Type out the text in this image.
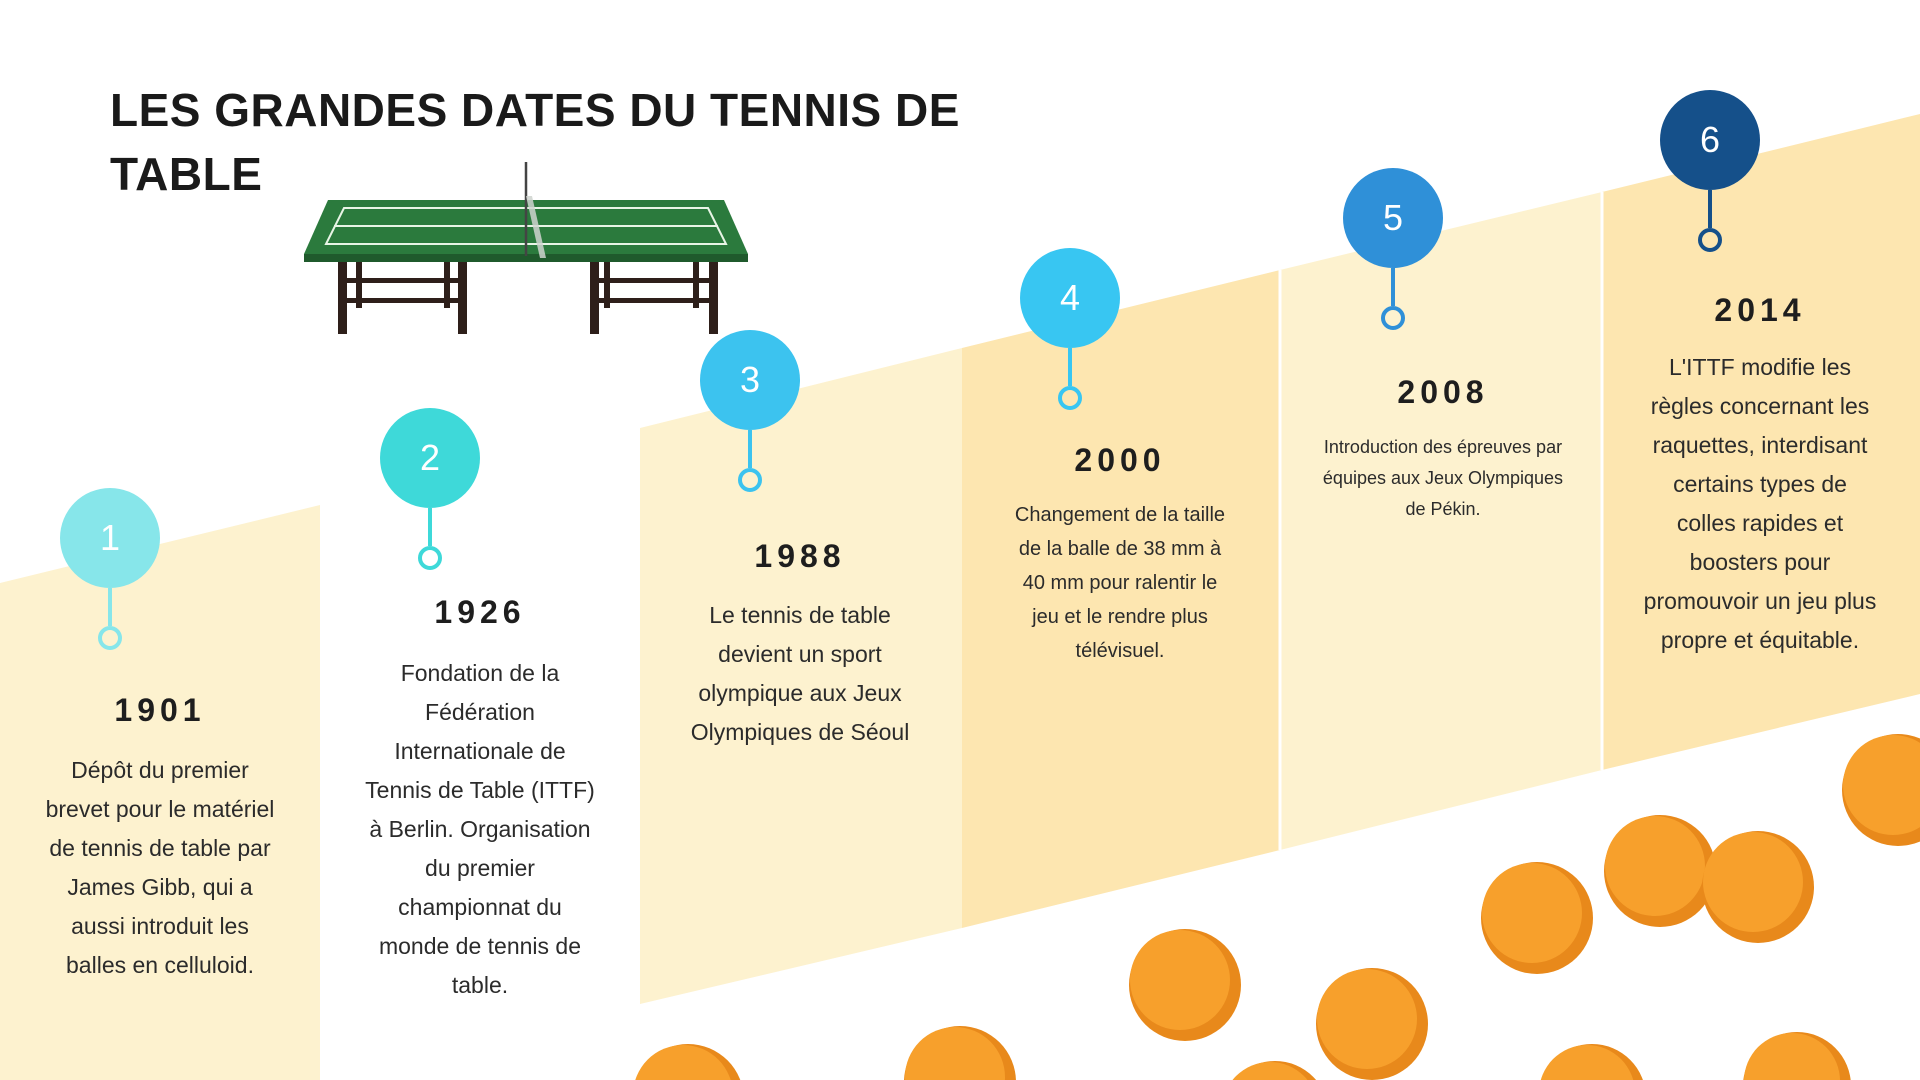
LES GRANDES DATES DU TENNIS DE TABLE
1

1901

Dépôt du premier brevet pour le matériel de tennis de table par James Gibb, qui a aussi introduit les balles en celluloid.

2

1926

Fondation de la Fédération Internationale de Tennis de Table (ITTF) à Berlin. Organisation du premier championnat du monde de tennis de table.

3

1988

Le tennis de table devient un sport olympique aux Jeux Olympiques de Séoul

4

2000

Changement de la taille de la balle de 38 mm à 40 mm pour ralentir le jeu et le rendre plus télévisuel.

5

2008

Introduction des épreuves par équipes aux Jeux Olympiques de Pékin.

6

2014

L'ITTF modifie les règles concernant les raquettes, interdisant certains types de colles rapides et boosters pour promouvoir un jeu plus propre et équitable.
